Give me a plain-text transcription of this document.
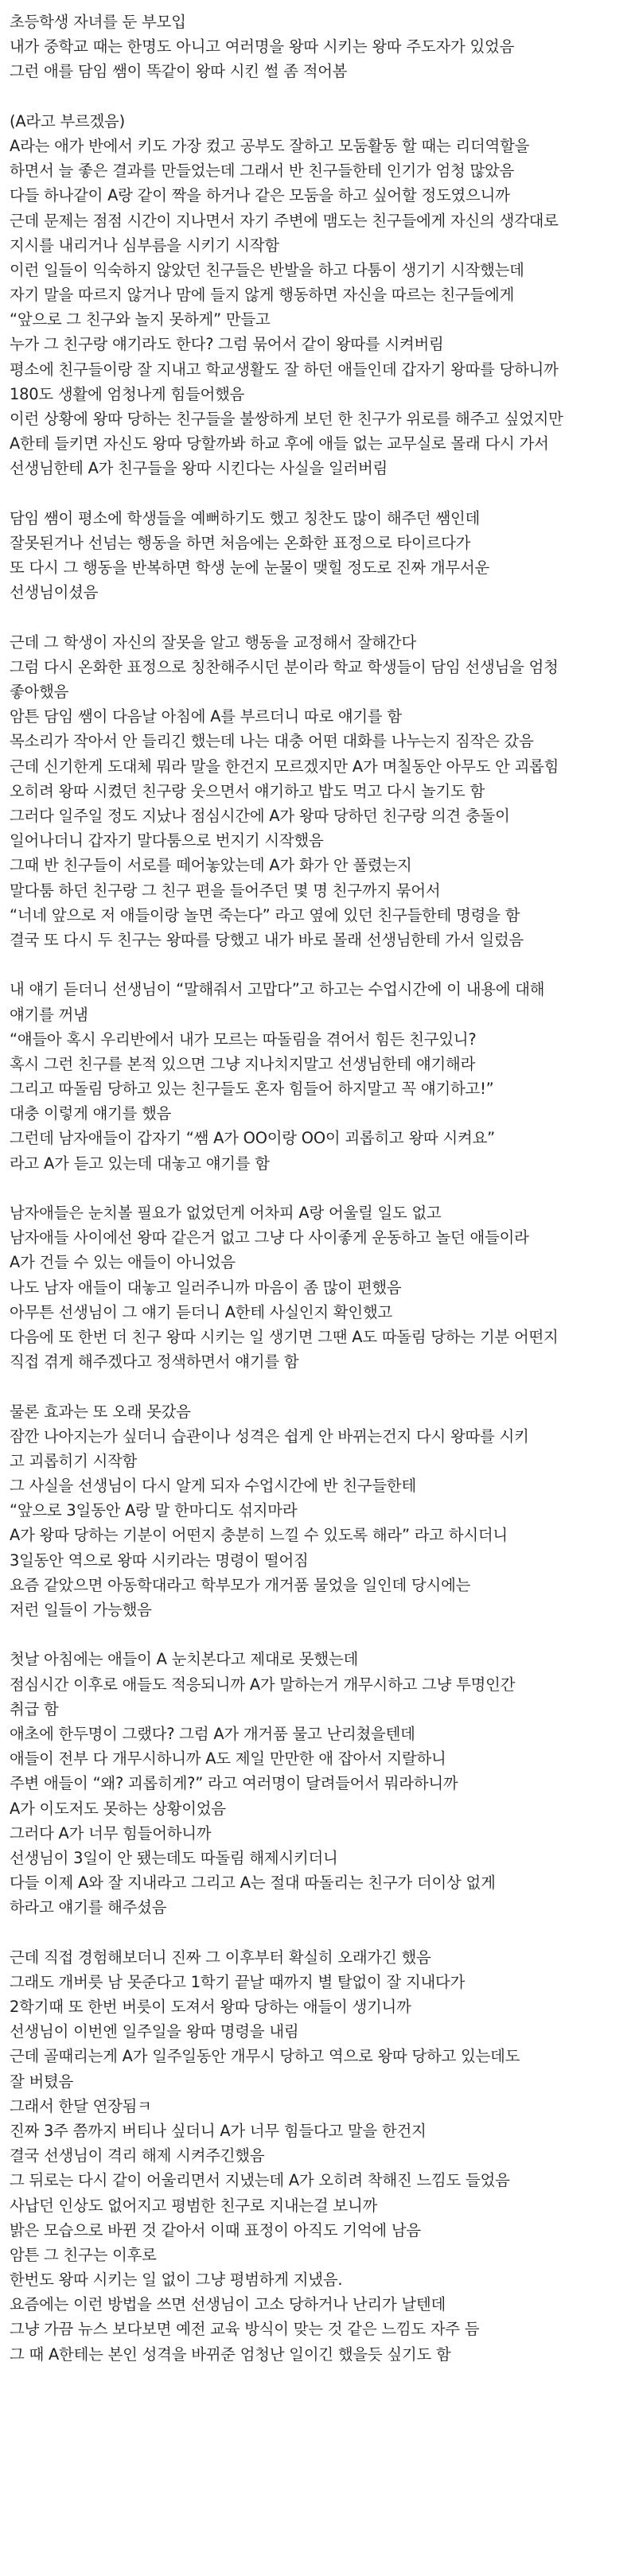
초등학생 자녀를 둔 부모입
내가 중학교 때는 한명도 아니고 여러명을 왕따 시키는 왕따 주도자가 있었음
그런 애를 담임 쌤이 똑같이 왕따 시킨 썰 좀 적어봄
(A라고 부르겠음)
A라는 애가 반에서 키도 가장 컸고 공부도 잘하고 모둠활동 할 때는 리더역할을
하면서 늘 좋은 결과를 만들었는데 그래서 반 친구들한테 인기가 엄청 많았음
다들 하나같이 A랑 같이 짝을 하거나 같은 모둠을 하고 싶어할 정도였으니까
근데 문제는 점점 시간이 지나면서 자기 주변에 맴도는 친구들에게 자신의 생각대로
지시를 내리거나 심부름을 시키기 시작함
이런 일들이 익숙하지 않았던 친구들은 반발을 하고 다툼이 생기기 시작했는데
자기 말을 따르지 않거나 맘에 들지 않게 행동하면 자신을 따르는 친구들에게
“앞으로 그 친구와 놀지 못하게” 만들고
누가 그 친구랑 얘기라도 한다? 그럼 묶어서 같이 왕따를 시켜버림
평소에 친구들이랑 잘 지내고 학교생활도 잘 하던 애들인데 갑자기 왕따를 당하니까
180도 생활에 엄청나게 힘들어했음
이런 상황에 왕따 당하는 친구들을 불쌍하게 보던 한 친구가 위로를 해주고 싶었지만
A한테 들키면 자신도 왕따 당할까봐 하교 후에 애들 없는 교무실로 몰래 다시 가서
선생님한테 A가 친구들을 왕따 시킨다는 사실을 일러버림
담임 쌤이 평소에 학생들을 예뻐하기도 했고 칭찬도 많이 해주던 쌤인데
잘못된거나 선넘는 행동을 하면 처음에는 온화한 표정으로 타이르다가
또 다시 그 행동을 반복하면 학생 눈에 눈물이 맺힐 정도로 진짜 개무서운
선생님이셨음
근데 그 학생이 자신의 잘못을 알고 행동을 교정해서 잘해간다
그럼 다시 온화한 표정으로 칭찬해주시던 분이라 학교 학생들이 담임 선생님을 엄청
좋아했음
암튼 담임 쌤이 다음날 아침에 A를 부르더니 따로 얘기를 함
목소리가 작아서 안 들리긴 했는데 나는 대충 어떤 대화를 나누는지 짐작은 갔음
근데 신기한게 도대체 뭐라 말을 한건지 모르겠지만 A가 며칠동안 아무도 안 괴롭힘
오히려 왕따 시켰던 친구랑 웃으면서 얘기하고 밥도 먹고 다시 놀기도 함
그러다 일주일 정도 지났나 점심시간에 A가 왕따 당하던 친구랑 의견 충돌이
일어나더니 갑자기 말다툼으로 번지기 시작했음
그때 반 친구들이 서로를 떼어놓았는데 A가 화가 안 풀렸는지
말다툼 하던 친구랑 그 친구 편을 들어주던 몇 명 친구까지 묶어서
“너네 앞으로 저 애들이랑 놀면 죽는다” 라고 옆에 있던 친구들한테 명령을 함
결국 또 다시 두 친구는 왕따를 당했고 내가 바로 몰래 선생님한테 가서 일렀음
내 얘기 듣더니 선생님이 “말해줘서 고맙다”고 하고는 수업시간에 이 내용에 대해
얘기를 꺼냄
“얘들아 혹시 우리반에서 내가 모르는 따돌림을 겪어서 힘든 친구있니?
혹시 그런 친구를 본적 있으면 그냥 지나치지말고 선생님한테 얘기해라
그리고 따돌림 당하고 있는 친구들도 혼자 힘들어 하지말고 꼭 얘기하고!”
대충 이렇게 얘기를 했음
그런데 남자애들이 갑자기 “쌤 A가 OO이랑 OO이 괴롭히고 왕따 시켜요”
라고 A가 듣고 있는데 대놓고 얘기를 함
남자애들은 눈치볼 필요가 없었던게 어차피 A랑 어울릴 일도 없고
남자애들 사이에선 왕따 같은거 없고 그냥 다 사이좋게 운동하고 놀던 애들이라
A가 건들 수 있는 애들이 아니었음
나도 남자 애들이 대놓고 일러주니까 마음이 좀 많이 편했음
아무튼 선생님이 그 얘기 듣더니 A한테 사실인지 확인했고
다음에 또 한번 더 친구 왕따 시키는 일 생기면 그땐 A도 따돌림 당하는 기분 어떤지
직접 겪게 해주겠다고 정색하면서 얘기를 함
물론 효과는 또 오래 못갔음
잠깐 나아지는가 싶더니 습관이나 성격은 쉽게 안 바뀌는건지 다시 왕따를 시키
고 괴롭히기 시작함
그 사실을 선생님이 다시 알게 되자 수업시간에 반 친구들한테
“앞으로 3일동안 A랑 말 한마디도 섞지마라
A가 왕따 당하는 기분이 어떤지 충분히 느낄 수 있도록 해라” 라고 하시더니
3일동안 역으로 왕따 시키라는 명령이 떨어짐
요즘 같았으면 아동학대라고 학부모가 개거품 물었을 일인데 당시에는
저런 일들이 가능했음
첫날 아침에는 애들이 A 눈치본다고 제대로 못했는데
점심시간 이후로 애들도 적응되니까 A가 말하는거 개무시하고 그냥 투명인간
취급 함
애초에 한두명이 그랬다? 그럼 A가 개거품 물고 난리쳤을텐데
애들이 전부 다 개무시하니까 A도 제일 만만한 애 잡아서 지랄하니
주변 애들이 “왜? 괴롭히게?” 라고 여러명이 달려들어서 뭐라하니까
A가 이도저도 못하는 상황이었음
그러다 A가 너무 힘들어하니까
선생님이 3일이 안 됐는데도 따돌림 해제시키더니
다들 이제 A와 잘 지내라고 그리고 A는 절대 따돌리는 친구가 더이상 없게
하라고 얘기를 해주셨음
근데 직접 경험해보더니 진짜 그 이후부터 확실히 오래가긴 했음
그래도 개버릇 남 못준다고 1학기 끝날 때까지 별 탈없이 잘 지내다가
2학기때 또 한번 버릇이 도져서 왕따 당하는 애들이 생기니까
선생님이 이번엔 일주일을 왕따 명령을 내림
근데 골때리는게 A가 일주일동안 개무시 당하고 역으로 왕따 당하고 있는데도
잘 버텼음
그래서 한달 연장됨ㅋ
진짜 3주 쯤까지 버티나 싶더니 A가 너무 힘들다고 말을 한건지
결국 선생님이 격리 해제 시켜주긴했음
그 뒤로는 다시 같이 어울리면서 지냈는데 A가 오히려 착해진 느낌도 들었음
사납던 인상도 없어지고 평범한 친구로 지내는걸 보니까
밝은 모습으로 바뀐 것 같아서 이때 표정이 아직도 기억에 남음
암튼 그 친구는 이후로
한번도 왕따 시키는 일 없이 그냥 평범하게 지냈음.
요즘에는 이런 방법을 쓰면 선생님이 고소 당하거나 난리가 날텐데
그냥 가끔 뉴스 보다보면 예전 교육 방식이 맞는 것 같은 느낌도 자주 듬
그 때 A한테는 본인 성격을 바뀌준 엄청난 일이긴 했을듯 싶기도 함
